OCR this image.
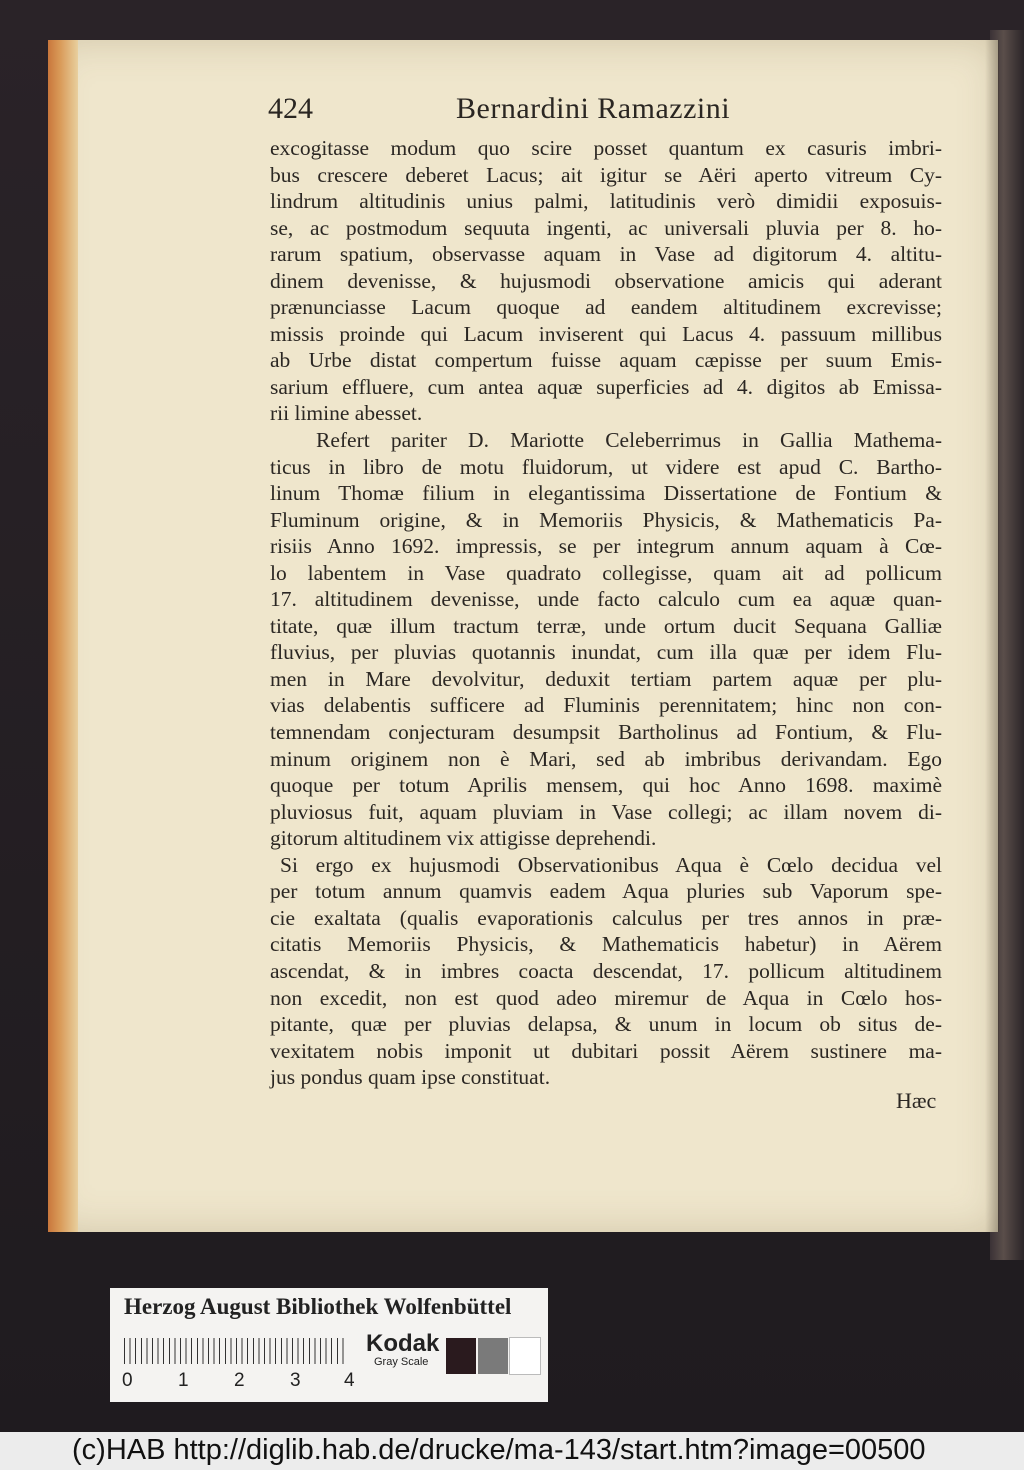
424	Bernardini Ramazzini
excogitasse modum quo scire posset quantum ex casuris imbri-
bus crescere deberet Lacus; ait igitur se Aëri aperto vitreum Cy-
lindrum altitudinis unius palmi, latitudinis verò dimidii exposuis-
se, ac postmodum sequuta ingenti, ac universali pluvia per 8. ho-
rarum spatium, observasse aquam in Vase ad digitorum 4. altitu-
dinem devenisse, & hujusmodi observatione amicis qui aderant
prænunciasse Lacum quoque ad eandem altitudinem excrevisse;
missis proinde qui Lacum inviserent qui Lacus 4. passuum millibus
ab Urbe distat compertum fuisse aquam cæpisse per suum Emis-
sarium effluere, cum antea aquæ superficies ad 4. digitos ab Emissa-
rii limine abesset.
Refert pariter D. Mariotte Celeberrimus in Gallia Mathema-
ticus in libro de motu fluidorum, ut videre est apud C. Bartho-
linum Thomæ filium in elegantissima Dissertatione de Fontium &
Fluminum origine, & in Memoriis Physicis, & Mathematicis Pa-
risiis Anno 1692. impressis, se per integrum annum aquam à Cœ-
lo labentem in Vase quadrato collegisse, quam ait ad pollicum
17. altitudinem devenisse, unde facto calculo cum ea aquæ quan-
titate, quæ illum tractum terræ, unde ortum ducit Sequana Galliæ
fluvius, per pluvias quotannis inundat, cum illa quæ per idem Flu-
men in Mare devolvitur, deduxit tertiam partem aquæ per plu-
vias delabentis sufficere ad Fluminis perennitatem; hinc non con-
temnendam conjecturam desumpsit Bartholinus ad Fontium, & Flu-
minum originem non è Mari, sed ab imbribus derivandam. Ego
quoque per totum Aprilis mensem, qui hoc Anno 1698. maximè
pluviosus fuit, aquam pluviam in Vase collegi; ac illam novem di-
gitorum altitudinem vix attigisse deprehendi.
Si ergo ex hujusmodi Observationibus Aqua è Cœlo decidua vel
per totum annum quamvis eadem Aqua pluries sub Vaporum spe-
cie exaltata (qualis evaporationis calculus per tres annos in præ-
citatis Memoriis Physicis, & Mathematicis habetur) in Aërem
ascendat, & in imbres coacta descendat, 17. pollicum altitudinem
non excedit, non est quod adeo miremur de Aqua in Cœlo hos-
pitante, quæ per pluvias delapsa, & unum in locum ob situs de-
vexitatem nobis imponit ut dubitari possit Aërem sustinere ma-
jus pondus quam ipse constituat.
Hæc
Herzog August Bibliothek Wolfenbüttel
0 1 2 3 4
Kodak
Gray Scale
(c)HAB http://diglib.hab.de/drucke/ma-143/start.htm?image=00500
